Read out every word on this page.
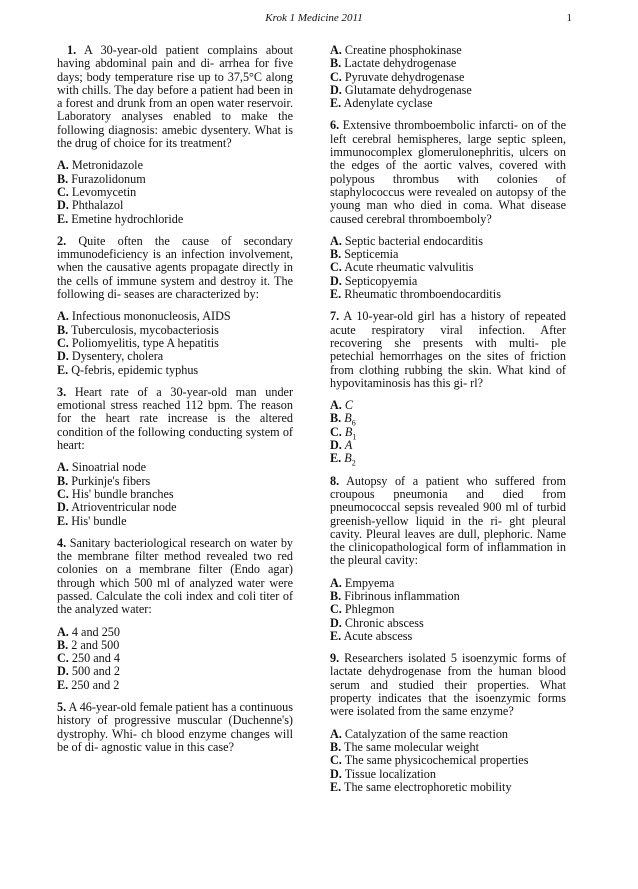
Krok 1 Medicine 2011	1

1. A 30-year-old patient complains about having abdominal pain and di- arrhea for five days; body temperature rise up to 37,5°C along with chills. The day before a patient had been in a forest and drunk from an open water reservoir. Laboratory analyses enabled to make the following diagnosis: amebic dysentery. What is the drug of choice for its treatment?

A. Metronidazole
B. Furazolidonum
C. Levomycetin
D. Phthalazol
E. Emetine hydrochloride

2. Quite often the cause of secondary immunodeficiency is an infection involvement, when the causative agents propagate directly in the cells of immune system and destroy it. The following di- seases are characterized by:

A. Infectious mononucleosis, AIDS
B. Tuberculosis, mycobacteriosis
C. Poliomyelitis, type A hepatitis
D. Dysentery, cholera
E. Q-febris, epidemic typhus

3. Heart rate of a 30-year-old man under emotional stress reached 112 bpm. The reason for the heart rate increase is the altered condition of the following conducting system of heart:

A. Sinoatrial node
B. Purkinje's fibers
C. His' bundle branches
D. Atrioventricular node
E. His' bundle

4. Sanitary bacteriological research on water by the membrane filter method revealed two red colonies on a membrane filter (Endo agar) through which 500 ml of analyzed water were passed. Calculate the coli index and coli titer of the analyzed water:

A. 4 and 250
B. 2 and 500
C. 250 and 4
D. 500 and 2
E. 250 and 2

5. A 46-year-old female patient has a continuous history of progressive muscular (Duchenne's) dystrophy. Whi- ch blood enzyme changes will be of di- agnostic value in this case?

A. Creatine phosphokinase
B. Lactate dehydrogenase
C. Pyruvate dehydrogenase
D. Glutamate dehydrogenase
E. Adenylate cyclase

6. Extensive thromboembolic infarcti- on of the left cerebral hemispheres, large septic spleen, immunocomplex glomerulonephritis, ulcers on the edges of the aortic valves, covered with polypous thrombus with colonies of staphylococcus were revealed on autopsy of the young man who died in coma. What disease caused cerebral thromboemboly?

A. Septic bacterial endocarditis
B. Septicemia
C. Acute rheumatic valvulitis
D. Septicopyemia
E. Rheumatic thromboendocarditis

7. A 10-year-old girl has a history of repeated acute respiratory viral infection. After recovering she presents with multi- ple petechial hemorrhages on the sites of friction from clothing rubbing the skin. What kind of hypovitaminosis has this gi- rl?

A. C
B. $B_6$
C. $B_1$
D. A
E. $B_2$

8. Autopsy of a patient who suffered from croupous pneumonia and died from pneumococcal sepsis revealed 900 ml of turbid greenish-yellow liquid in the ri- ght pleural cavity. Pleural leaves are dull, plephoric. Name the clinicopathological form of inflammation in the pleural cavity:

A. Empyema
B. Fibrinous inflammation
C. Phlegmon
D. Chronic abscess
E. Acute abscess

9. Researchers isolated 5 isoenzymic forms of lactate dehydrogenase from the human blood serum and studied their properties. What property indicates that the isoenzymic forms were isolated from the same enzyme?

A. Catalyzation of the same reaction
B. The same molecular weight
C. The same physicochemical properties
D. Tissue localization
E. The same electrophoretic mobility
